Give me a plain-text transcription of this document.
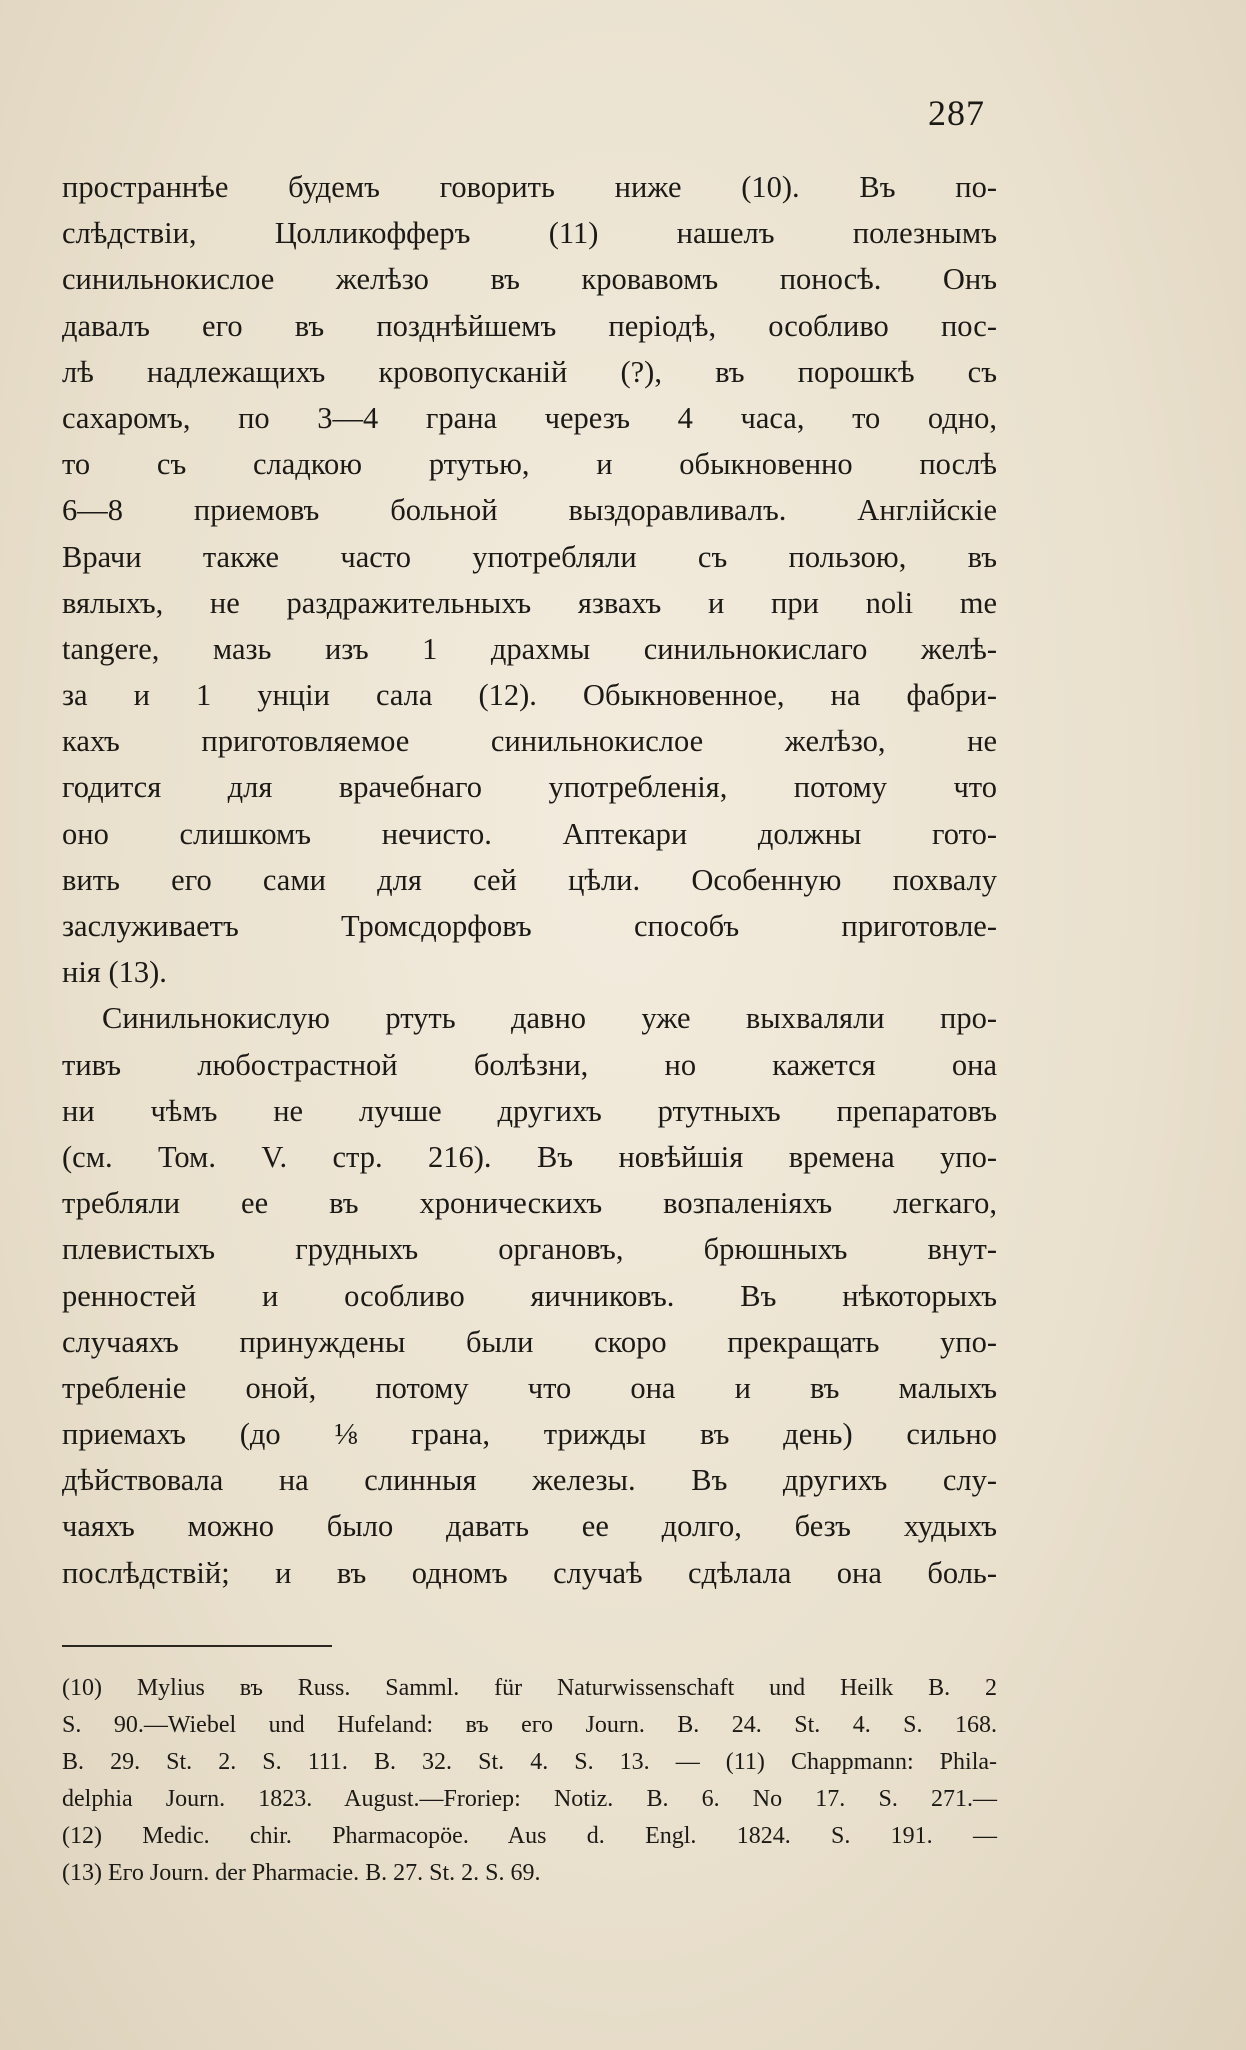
287
пространнѣе будемъ говорить ниже (10). Въ по-
слѣдствіи, Цолликофферъ (11) нашелъ полезнымъ
синильнокислое желѣзо въ кровавомъ поносѣ. Онъ
давалъ его въ позднѣйшемъ періодѣ, особливо пос-
лѣ надлежащихъ кровопусканій (?), въ порошкѣ съ
сахаромъ, по 3—4 грана черезъ 4 часа, то одно,
то съ сладкою ртутью, и обыкновенно послѣ
6—8 приемовъ больной выздоравливалъ. Англійскіе
Врачи также часто употребляли съ пользою, въ
вялыхъ, не раздражительныхъ язвахъ и при noli me
tangere, мазь изъ 1 драхмы синильнокислаго желѣ-
за и 1 унціи сала (12). Обыкновенное, на фабри-
кахъ приготовляемое синильнокислое желѣзо, не
годится для врачебнаго употребленія, потому что
оно слишкомъ нечисто. Аптекари должны гото-
вить его сами для сей цѣли. Особенную похвалу
заслуживаетъ Тромсдорфовъ способъ приготовле-
нія (13).
Синильнокислую ртуть давно уже выхваляли про-
тивъ любострастной болѣзни, но кажется она
ни чѣмъ не лучше другихъ ртутныхъ препаратовъ
(см. Том. V. стр. 216). Въ новѣйшія времена упо-
требляли ее въ хроническихъ возпаленіяхъ легкаго,
плевистыхъ грудныхъ органовъ, брюшныхъ внут-
ренностей и особливо яичниковъ. Въ нѣкоторыхъ
случаяхъ принуждены были скоро прекращать упо-
требленіе оной, потому что она и въ малыхъ
приемахъ (до ⅛ грана, трижды въ день) сильно
дѣйствовала на слинныя железы. Въ другихъ слу-
чаяхъ можно было давать ее долго, безъ худыхъ
послѣдствій; и въ одномъ случаѣ сдѣлала она боль-
(10) Mylius въ Russ. Samml. für Naturwissenschaft und Heilk B. 2
S. 90.—Wiebel und Hufeland: въ его Journ. B. 24. St. 4. S. 168.
B. 29. St. 2. S. 111. B. 32. St. 4. S. 13. — (11) Chappmann: Phila-
delphia Journ. 1823. August.—Froriep: Notiz. B. 6. No 17. S. 271.—
(12) Medic. chir. Pharmacopöe. Aus d. Engl. 1824. S. 191. —
(13) Его Journ. der Pharmacie. B. 27. St. 2. S. 69.
